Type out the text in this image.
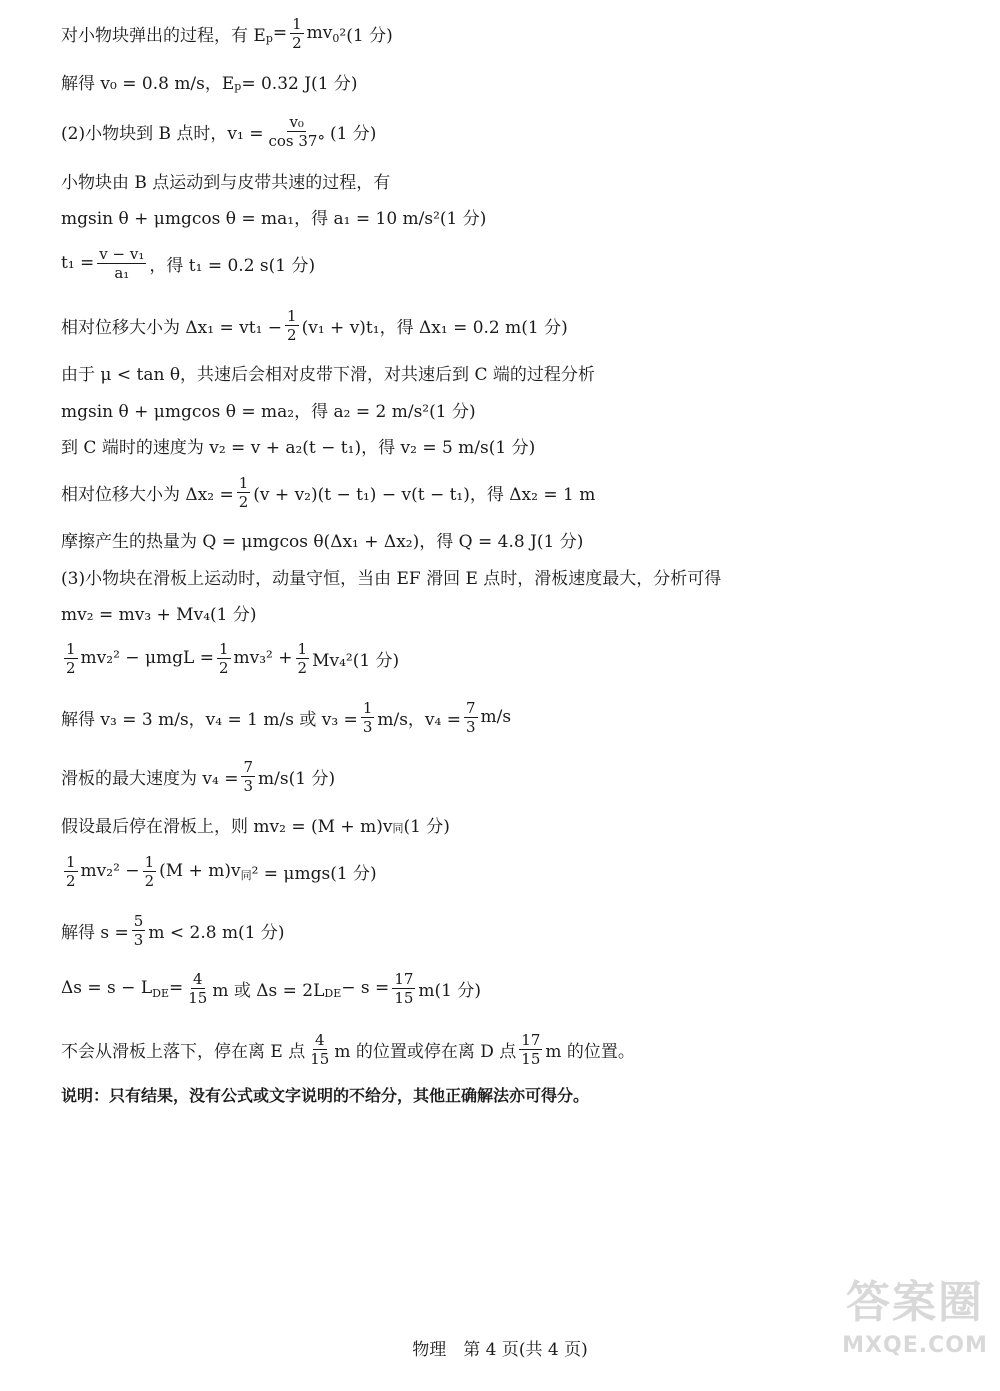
对小物块弹出的过程，有 $E_p = \frac{1}{2} mv_0$ ²(1 分)
解得 v₀ = 0.8 m/s，$E_p = 0.32$ J(1 分)
(2)小物块到 B 点时，$v_1 = \frac{\text{v₀}}{\cos 37^\circ} (1$ 分)
小物块由 B 点运动到与皮带共速的过程，有
mgsin θ + μmgcos θ = ma₁，得 a₁ = 10 m/s²(1 分)
$t_1 = \frac{\text{v − v₁}}{\text{a₁}}$ ，得 t₁ = 0.2 s(1 分)
相对位移大小为 $\Delta x_1 = vt_1 - \frac{1}{2} (v_1 + v)t_1$，得 Δx₁ = 0.2 m(1 分)
由于 μ < tan θ，共速后会相对皮带下滑，对共速后到 C 端的过程分析
mgsin θ + μmgcos θ = ma₂，得 a₂ = 2 m/s²(1 分)
到 C 端时的速度为 v₂ = v + a₂(t − t₁)，得 v₂ = 5 m/s(1 分)
相对位移大小为 $\Delta x_2 = \frac{1}{2} (v + v_2)(t - t_1) - v(t - t_1)$，得 Δx₂ = 1 m
摩擦产生的热量为 Q = μmgcos θ(Δx₁ + Δx₂)，得 Q = 4.8 J(1 分)
(3)小物块在滑板上运动时，动量守恒，当由 EF 滑回 E 点时，滑板速度最大，分析可得
mv₂ = mv₃ + Mv₄(1 分)
$\frac{1}{2} mv_2^2 - \mu mgL = \frac{1}{2} mv_3^2 + \frac{1}{2} Mv_4^2(1$ 分)
解得 v₃ = 3 m/s，v₄ = 1 m/s 或 $v_3 = \frac{1}{3} m/s$，$v_4 = \frac{7}{3} m/s$
滑板的最大速度为 $v_4 = \frac{7}{3} m/s(1$ 分)
假设最后停在滑板上，则 $mv_2 = (M + m)v_同$ (1 分)
$\frac{1}{2} mv_2^2 - \frac{1}{2} (M + m)v_同$ ² = μmgs(1 分)
解得 $s = \frac{5}{3}$ m < 2.8 m(1 分)
$\Delta s = s - L_{DE} = \frac{4}{15}$ m 或 $\Delta s = 2L_{DE} - s = \frac{17}{15} m(1$ 分)
不会从滑板上落下，停在离 E 点 $\frac{4}{15}$ m 的位置或停在离 D 点 $\frac{17}{15}$ m 的位置。
说明：只有结果，没有公式或文字说明的不给分，其他正确解法亦可得分。
物理　第 4 页(共 4 页)
答案圈
MXQE.COM
